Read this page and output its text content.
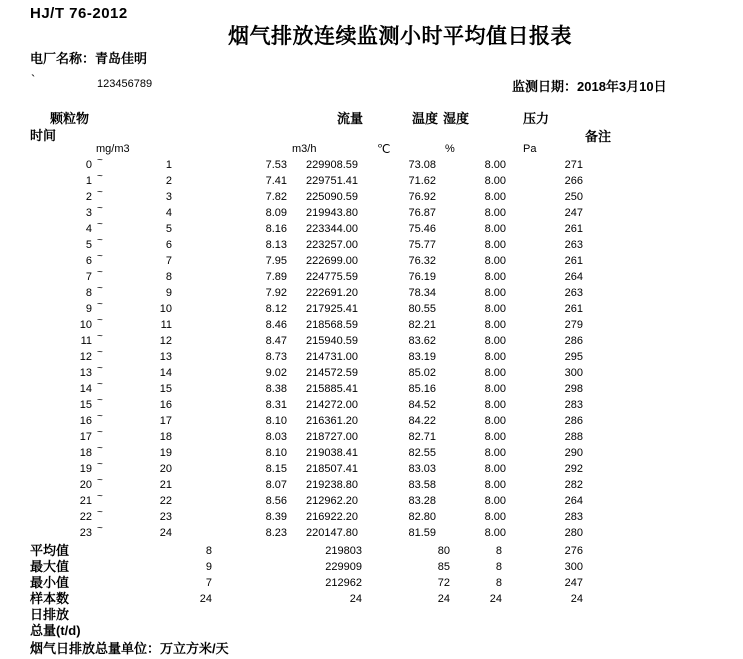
HJ/T 76-2012
烟气排放连续监测小时平均值日报表
电厂名称：青岛佳明
`	123456789	监测日期：2018年3月10日
颗粒物	流量	温度 湿度	压力
时间	备注
mg/m3	m3/h	℃	%	Pa
0 ~	1	7.53	229908.59	73.08	8.00	271
1 ~	2	7.41	229751.41	71.62	8.00	266
2 ~	3	7.82	225090.59	76.92	8.00	250
3 ~	4	8.09	219943.80	76.87	8.00	247
4 ~	5	8.16	223344.00	75.46	8.00	261
5 ~	6	8.13	223257.00	75.77	8.00	263
6 ~	7	7.95	222699.00	76.32	8.00	261
7 ~	8	7.89	224775.59	76.19	8.00	264
8 ~	9	7.92	222691.20	78.34	8.00	263
9 ~	10	8.12	217925.41	80.55	8.00	261
10 ~	11	8.46	218568.59	82.21	8.00	279
11 ~	12	8.47	215940.59	83.62	8.00	286
12 ~	13	8.73	214731.00	83.19	8.00	295
13 ~	14	9.02	214572.59	85.02	8.00	300
14 ~	15	8.38	215885.41	85.16	8.00	298
15 ~	16	8.31	214272.00	84.52	8.00	283
16 ~	17	8.10	216361.20	84.22	8.00	286
17 ~	18	8.03	218727.00	82.71	8.00	288
18 ~	19	8.10	219038.41	82.55	8.00	290
19 ~	20	8.15	218507.41	83.03	8.00	292
20 ~	21	8.07	219238.80	83.58	8.00	282
21 ~	22	8.56	212962.20	83.28	8.00	264
22 ~	23	8.39	216922.20	82.80	8.00	283
23 ~	24	8.23	220147.80	81.59	8.00	280
平均值	8	219803	80	8	276
最大值	9	229909	85	8	300
最小值	7	212962	72	8	247
样本数	24	24	24	24	24
日排放
总量(t/d)
烟气日排放总量单位：万立方米/天
